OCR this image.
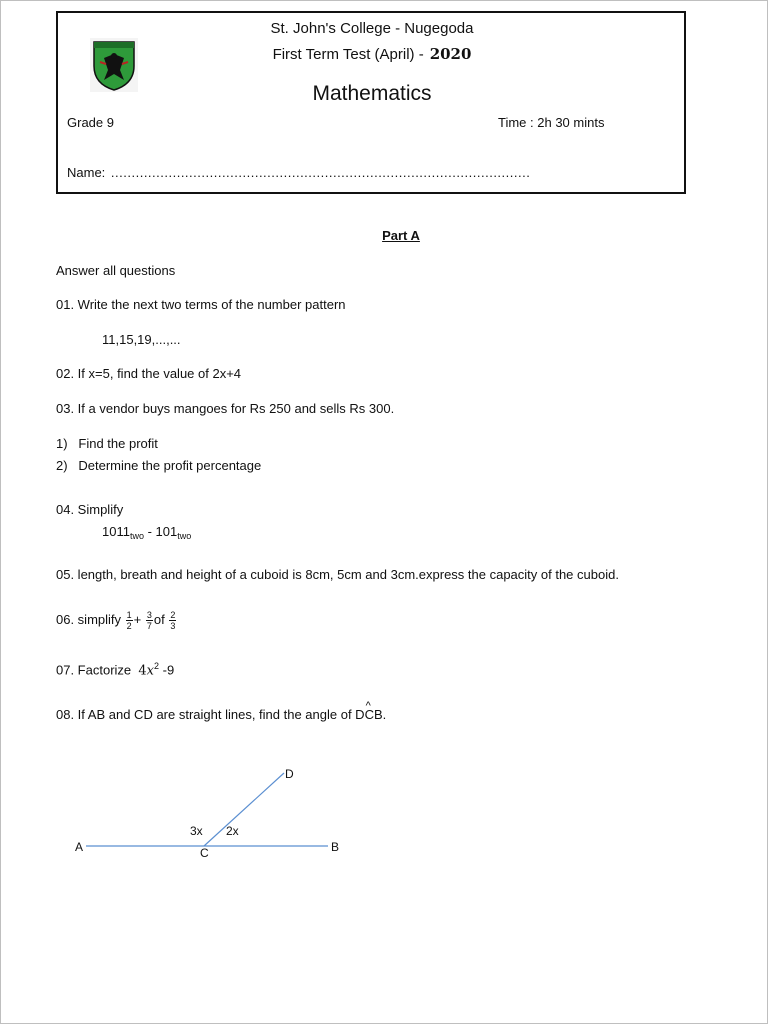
St. John's College - Nugegoda
First Term Test (April) - 2020
Mathematics
Grade 9	Time : 2h 30 mints
Name: ......................................................................................................
Part A
Answer all questions
01. Write the next two terms of the number pattern
11,15,19,...,...
02. If x=5, find the value of 2x+4
03. If a vendor buys mangoes for Rs 250 and sells Rs 300.
1)   Find the profit
2)   Determine the profit percentage
04. Simplify
$1011_{two} - 101_{two}$
05. length, breath and height of a cuboid is 8cm, 5cm and 3cm.express the capacity of the cuboid.
06. simplify $\frac{1}{2} + \frac{3}{7}$ of $\frac{2}{3}$
07. Factorize $4x^2$ -9
08. If AB and CD are straight lines, find the angle of DC ^B.
A	B
C
D
3x 2x
